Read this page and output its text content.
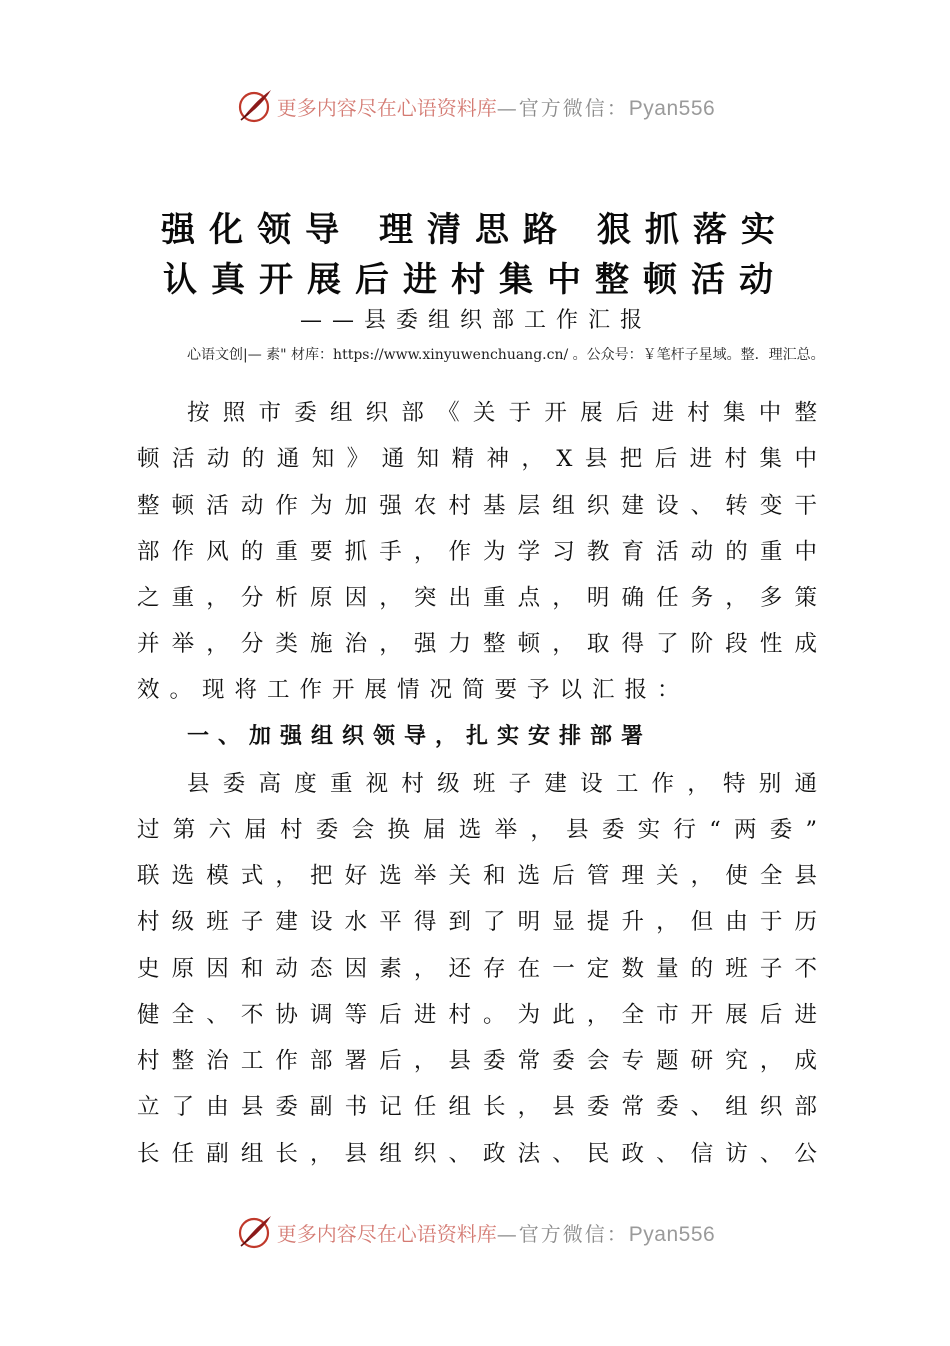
更多内容尽在心语资料库—官方微信：Pyan556
强化领导 理清思路 狠抓落实
认真开展后进村集中整顿活动
——县委组织部工作汇报

心语文创|— 素" 材库：https://www.xinyuwenchuang.cn/ 。公众号：￥笔杆子星域。整．理汇总。

按照市委组织部《关于开展后进村集中整

顿活动的通知》通知精神，X县把后进村集中

整顿活动作为加强农村基层组织建设、转变干

部作风的重要抓手，作为学习教育活动的重中

之重，分析原因，突出重点，明确任务，多策

并举，分类施治，强力整顿，取得了阶段性成

效。现将工作开展情况简要予以汇报：

一、加强组织领导，扎实安排部署

县委高度重视村级班子建设工作，特别通

过第六届村委会换届选举，县委实行“两委”

联选模式，把好选举关和选后管理关，使全县

村级班子建设水平得到了明显提升，但由于历

史原因和动态因素，还存在一定数量的班子不

健全、不协调等后进村。为此，全市开展后进

村整治工作部署后，县委常委会专题研究，成

立了由县委副书记任组长，县委常委、组织部

长任副组长，县组织、政法、民政、信访、公

更多内容尽在心语资料库—官方微信：Pyan556
